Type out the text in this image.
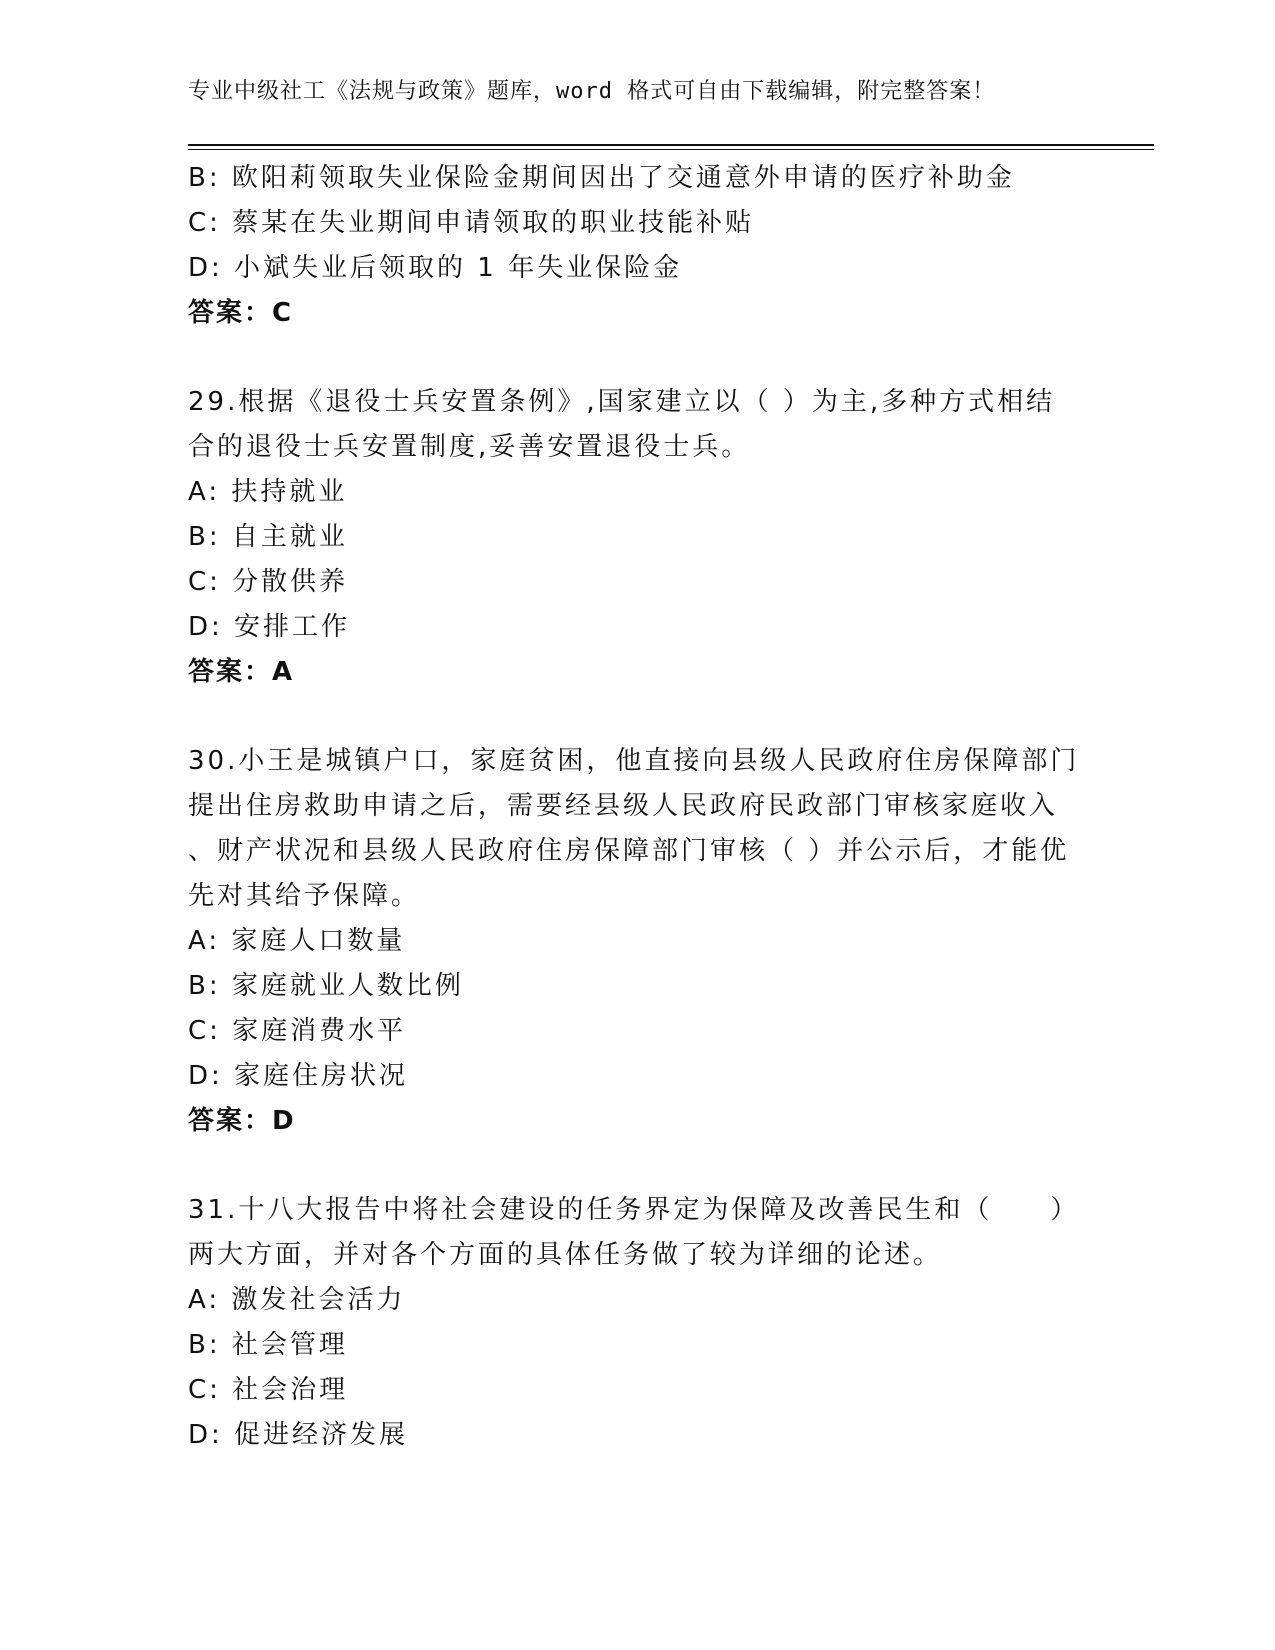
专业中级社工《法规与政策》题库，word 格式可自由下载编辑，附完整答案！
B: 欧阳莉领取失业保险金期间因出了交通意外申请的医疗补助金
C: 蔡某在失业期间申请领取的职业技能补贴
D: 小斌失业后领取的 1 年失业保险金
答案：C
29.根据《退役士兵安置条例》,国家建立以（ ）为主,多种方式相结
合的退役士兵安置制度,妥善安置退役士兵。
A: 扶持就业
B: 自主就业
C: 分散供养
D: 安排工作
答案：A
30.小王是城镇户口，家庭贫困，他直接向县级人民政府住房保障部门
提出住房救助申请之后，需要经县级人民政府民政部门审核家庭收入
、财产状况和县级人民政府住房保障部门审核（ ）并公示后，才能优
先对其给予保障。
A: 家庭人口数量
B: 家庭就业人数比例
C: 家庭消费水平
D: 家庭住房状况
答案：D
31.十八大报告中将社会建设的任务界定为保障及改善民生和（　　）
两大方面，并对各个方面的具体任务做了较为详细的论述。
A: 激发社会活力
B: 社会管理
C: 社会治理
D: 促进经济发展
